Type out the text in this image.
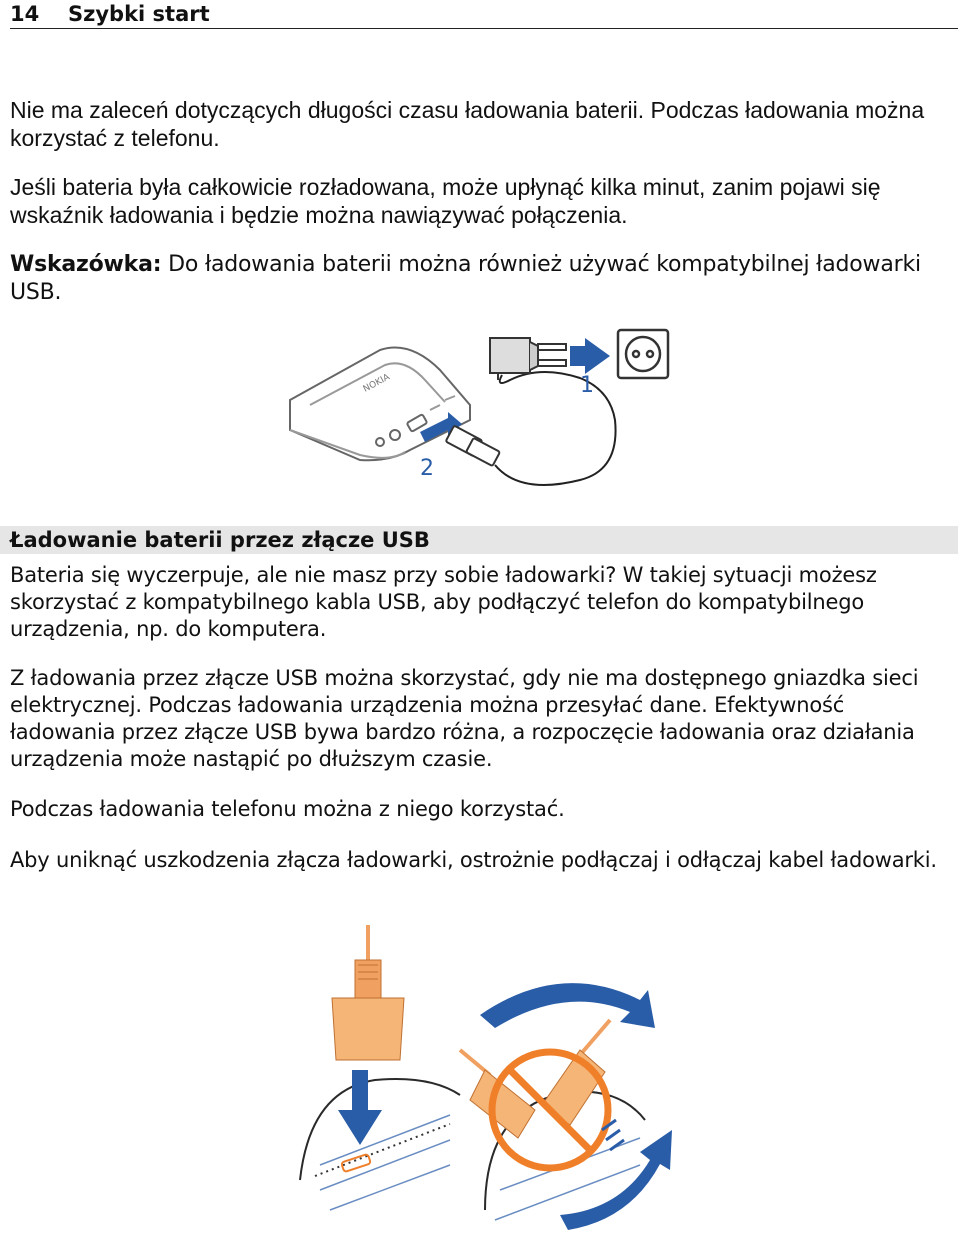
14 Szybki start

Nie ma zaleceń dotyczących długości czasu ładowania baterii. Podczas ładowania można korzystać z telefonu.

Jeśli bateria była całkowicie rozładowana, może upłynąć kilka minut, zanim pojawi się wskaźnik ładowania i będzie można nawiązywać połączenia.

Wskazówka: Do ładowania baterii można również używać kompatybilnej ładowarki USB.

NOKIA	1
2
Ładowanie baterii przez złącze USB

Bateria się wyczerpuje, ale nie masz przy sobie ładowarki? W takiej sytuacji możesz skorzystać z kompatybilnego kabla USB, aby podłączyć telefon do kompatybilnego urządzenia, np. do komputera.

Z ładowania przez złącze USB można skorzystać, gdy nie ma dostępnego gniazdka sieci elektrycznej. Podczas ładowania urządzenia można przesyłać dane. Efektywność ładowania przez złącze USB bywa bardzo różna, a rozpoczęcie ładowania oraz działania urządzenia może nastąpić po dłuższym czasie.

Podczas ładowania telefonu można z niego korzystać.

Aby uniknąć uszkodzenia złącza ładowarki, ostrożnie podłączaj i odłączaj kabel ładowarki.
